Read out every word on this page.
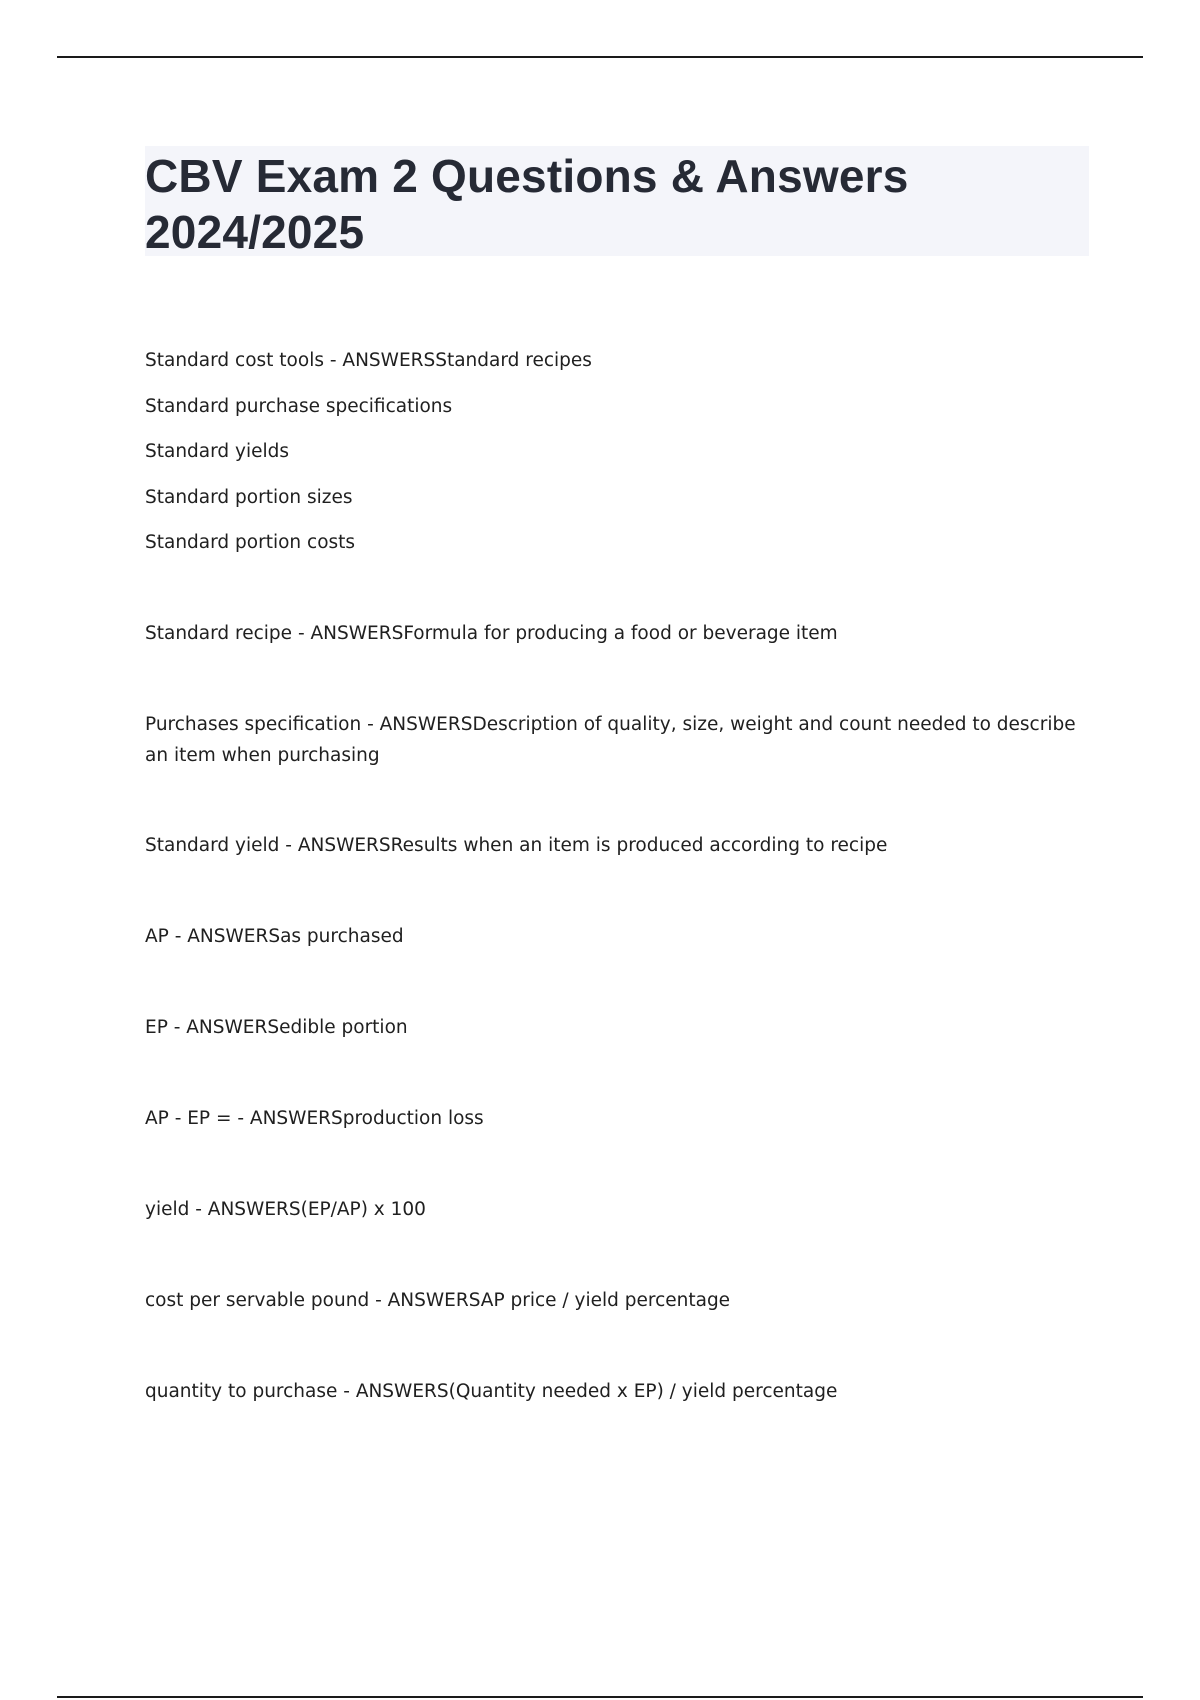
CBV Exam 2 Questions & Answers 2024/2025
Standard cost tools - ANSWERSStandard recipes
Standard purchase specifications
Standard yields
Standard portion sizes
Standard portion costs
Standard recipe - ANSWERSFormula for producing a food or beverage item
Purchases specification - ANSWERSDescription of quality, size, weight and count needed to describe an item when purchasing
Standard yield - ANSWERSResults when an item is produced according to recipe
AP - ANSWERSas purchased
EP - ANSWERSedible portion
AP - EP = - ANSWERSproduction loss
yield - ANSWERS(EP/AP) x 100
cost per servable pound - ANSWERSAP price / yield percentage
quantity to purchase - ANSWERS(Quantity needed x EP) / yield percentage
